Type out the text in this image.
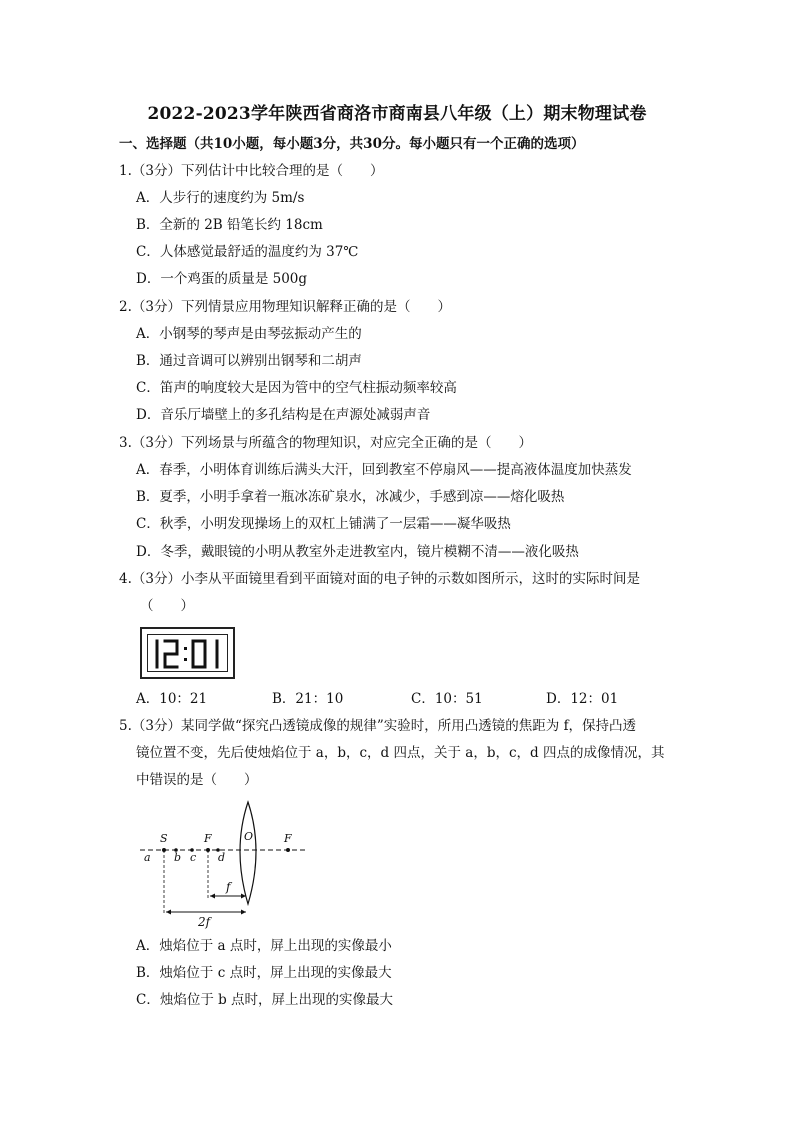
2022-2023学年陕西省商洛市商南县八年级（上）期末物理试卷
一、选择题（共10小题，每小题3分，共30分。每小题只有一个正确的选项）
1.（3分）下列估计中比较合理的是（　　）
A．人步行的速度约为 5m/s
B．全新的 2B 铅笔长约 18cm
C．人体感觉最舒适的温度约为 37℃
D．一个鸡蛋的质量是 500g
2.（3分）下列情景应用物理知识解释正确的是（　　）
A．小钢琴的琴声是由琴弦振动产生的
B．通过音调可以辨别出钢琴和二胡声
C．笛声的响度较大是因为管中的空气柱振动频率较高
D．音乐厅墙壁上的多孔结构是在声源处减弱声音
3.（3分）下列场景与所蕴含的物理知识，对应完全正确的是（　　）
A．春季，小明体育训练后满头大汗，回到教室不停扇风——提高液体温度加快蒸发
B．夏季，小明手拿着一瓶冰冻矿泉水，冰减少，手感到凉——熔化吸热
C．秋季，小明发现操场上的双杠上铺满了一层霜——凝华吸热
D．冬季，戴眼镜的小明从教室外走进教室内，镜片模糊不清——液化吸热
4.（3分）小李从平面镜里看到平面镜对面的电子钟的示数如图所示，这时的实际时间是
（　　）
A．10：21	B．21：10	C．10：51	D．12：01
5.（3分）某同学做“探究凸透镜成像的规律”实验时，所用凸透镜的焦距为 f，保持凸透
镜位置不变，先后使烛焰位于 a，b，c，d 四点，关于 a，b，c，d 四点的成像情况，其
中错误的是（　　）
S	F	O	F
a b c d
f
2f
A．烛焰位于 a 点时，屏上出现的实像最小
B．烛焰位于 c 点时，屏上出现的实像最大
C．烛焰位于 b 点时，屏上出现的实像最大
